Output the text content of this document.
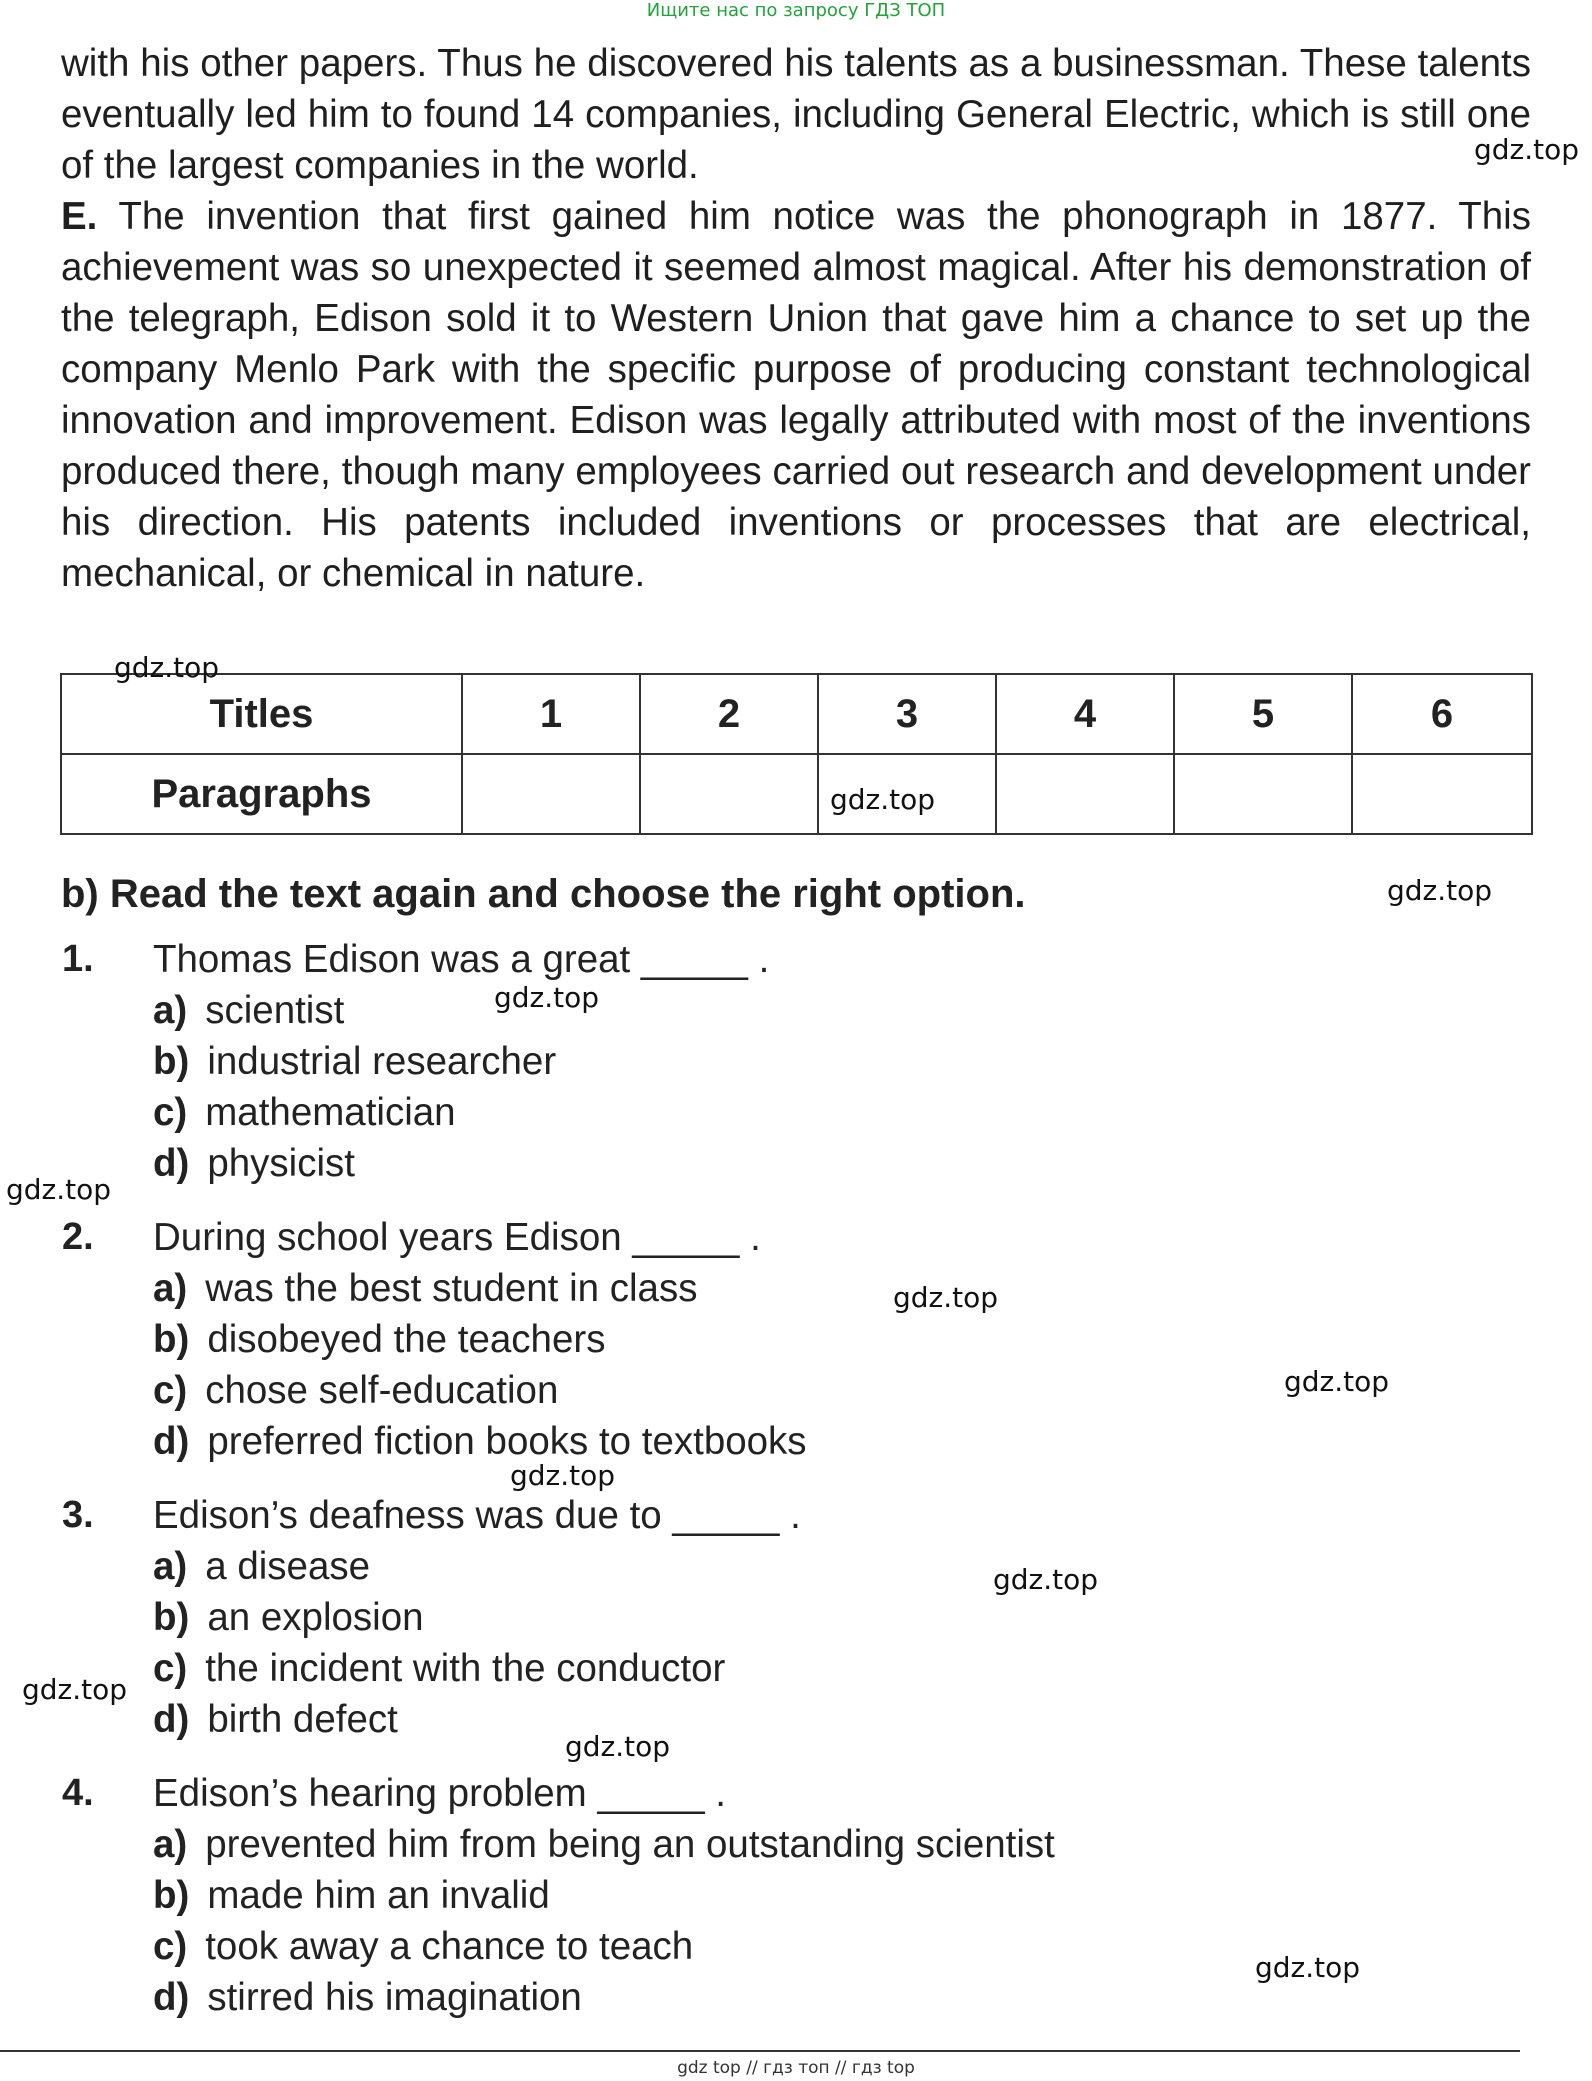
Ищите нас по запросу ГДЗ ТОП

with his other papers. Thus he discovered his talents as a businessman. These talents eventually led him to found 14 companies, including General Electric, which is still one of the largest companies in the world.

E. The invention that first gained him notice was the phonograph in 1877. This achievement was so unexpected it seemed almost magical. After his demonstration of the telegraph, Edison sold it to Western Union that gave him a chance to set up the company Menlo Park with the specific purpose of producing constant technological innovation and improvement. Edison was legally attributed with most of the inventions produced there, though many employees carried out research and development under his direction. His patents included inventions or processes that are electrical, mechanical, or chemical in nature.

Titles	1	2	3	4	5	6
Paragraphs						
b) Read the text again and choose the right option.
1. Thomas Edison was a great _____ .
a) scientist
b) industrial researcher
c) mathematician
d) physicist
2. During school years Edison _____ .
a) was the best student in class
b) disobeyed the teachers
c) chose self-education
d) preferred fiction books to textbooks
3. Edison’s deafness was due to _____ .
a) a disease
b) an explosion
c) the incident with the conductor
d) birth defect
4. Edison’s hearing problem _____ .
a) prevented him from being an outstanding scientist
b) made him an invalid
c) took away a chance to teach
d) stirred his imagination
gdz.top
gdz.top
gdz.top
gdz.top
gdz.top
gdz.top
gdz.top
gdz.top
gdz.top
gdz.top
gdz.top
gdz.top
gdz.top
gdz top // гдз топ // гдз top
